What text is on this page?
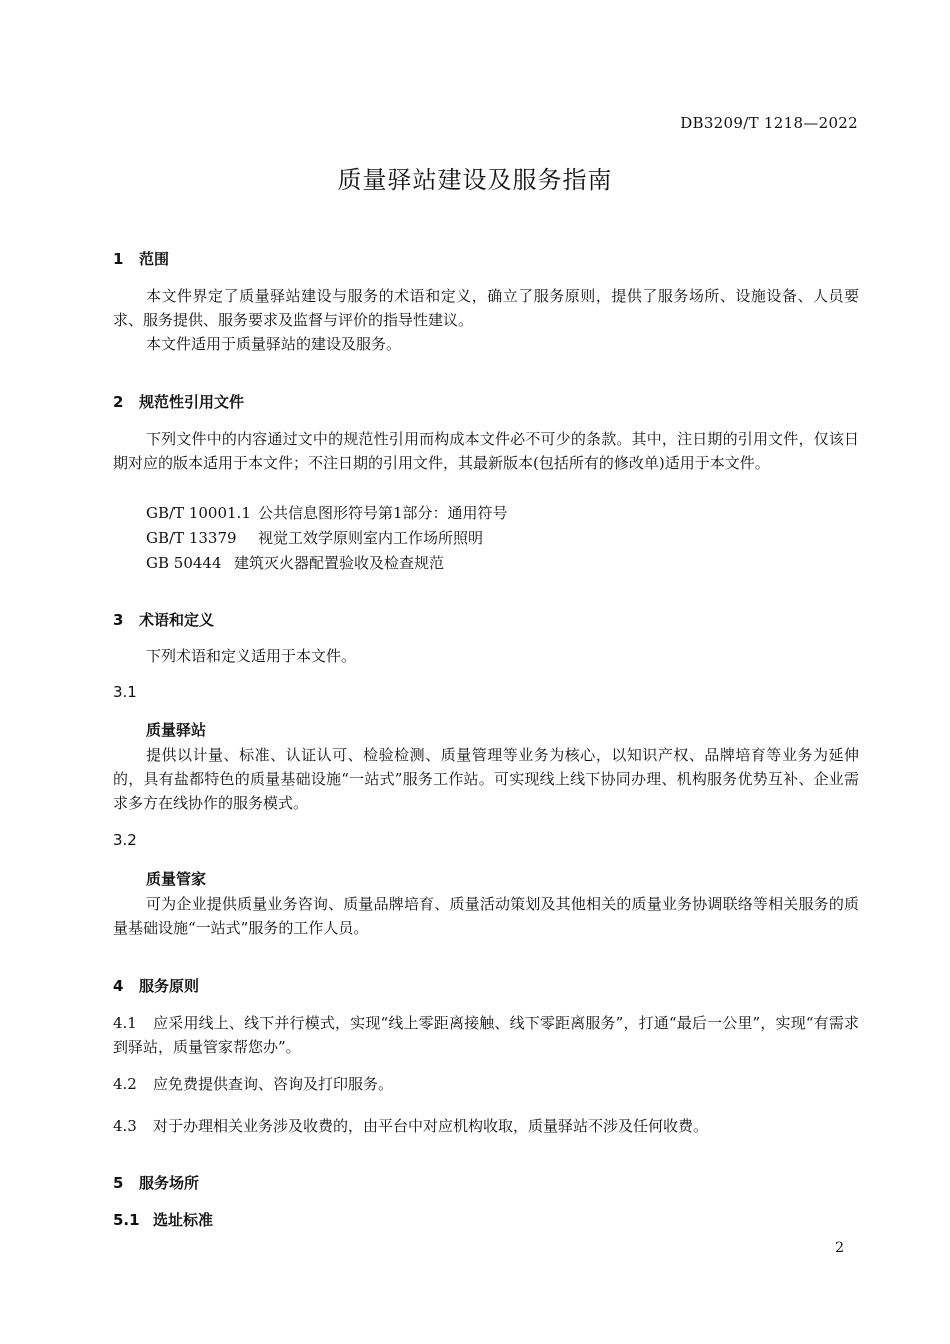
DB3209/T 1218—2022
质量驿站建设及服务指南
1 范围
本文件界定了质量驿站建设与服务的术语和定义，确立了服务原则，提供了服务场所、设施设备、人员要求、服务提供、服务要求及监督与评价的指导性建议。
本文件适用于质量驿站的建设及服务。
2 规范性引用文件
下列文件中的内容通过文中的规范性引用而构成本文件必不可少的条款。其中，注日期的引用文件，仅该日期对应的版本适用于本文件；不注日期的引用文件，其最新版本(包括所有的修改单)适用于本文件。
GB/T 10001.1 公共信息图形符号第1部分：通用符号
GB/T 13379 视觉工效学原则室内工作场所照明
GB 50444 建筑灭火器配置验收及检查规范
3 术语和定义
下列术语和定义适用于本文件。
3.1
质量驿站
提供以计量、标准、认证认可、检验检测、质量管理等业务为核心，以知识产权、品牌培育等业务为延伸的，具有盐都特色的质量基础设施“一站式”服务工作站。可实现线上线下协同办理、机构服务优势互补、企业需求多方在线协作的服务模式。
3.2
质量管家
可为企业提供质量业务咨询、质量品牌培育、质量活动策划及其他相关的质量业务协调联络等相关服务的质量基础设施“一站式”服务的工作人员。
4 服务原则
4.1 应采用线上、线下并行模式，实现“线上零距离接触、线下零距离服务”，打通“最后一公里”，实现“有需求到驿站，质量管家帮您办”。
4.2 应免费提供查询、咨询及打印服务。
4.3 对于办理相关业务涉及收费的，由平台中对应机构收取，质量驿站不涉及任何收费。
5 服务场所
5.1 选址标准
2
